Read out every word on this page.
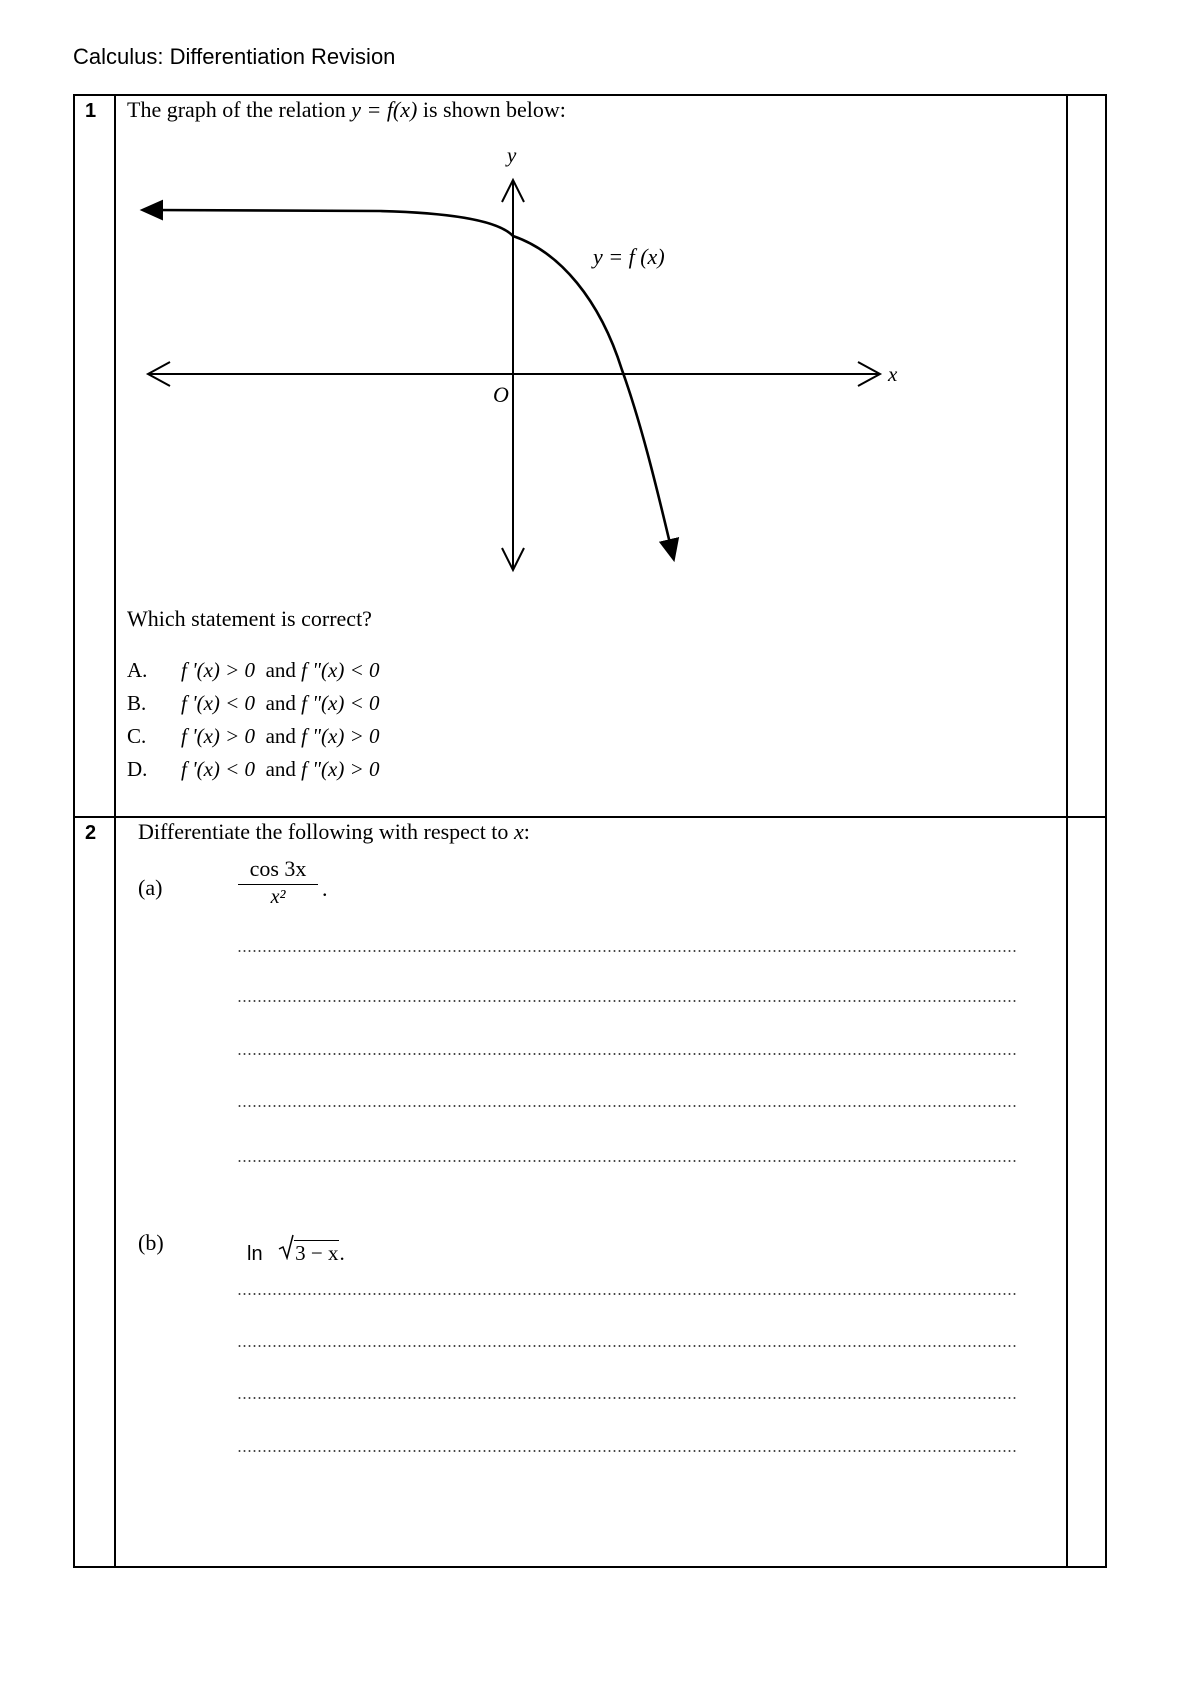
Calculus: Differentiation Revision
1 The graph of the relation y = f(x) is shown below:
y
x
O
y = f (x)
Which statement is correct?
A. f '(x) > 0 and f "(x) < 0
B. f '(x) < 0 and f "(x) < 0
C. f '(x) > 0 and f "(x) > 0
D. f '(x) < 0 and f "(x) > 0
2 Differentiate the following with respect to x:
(a)
cos 3x
x²	.
(b)	ln 3 − x.
